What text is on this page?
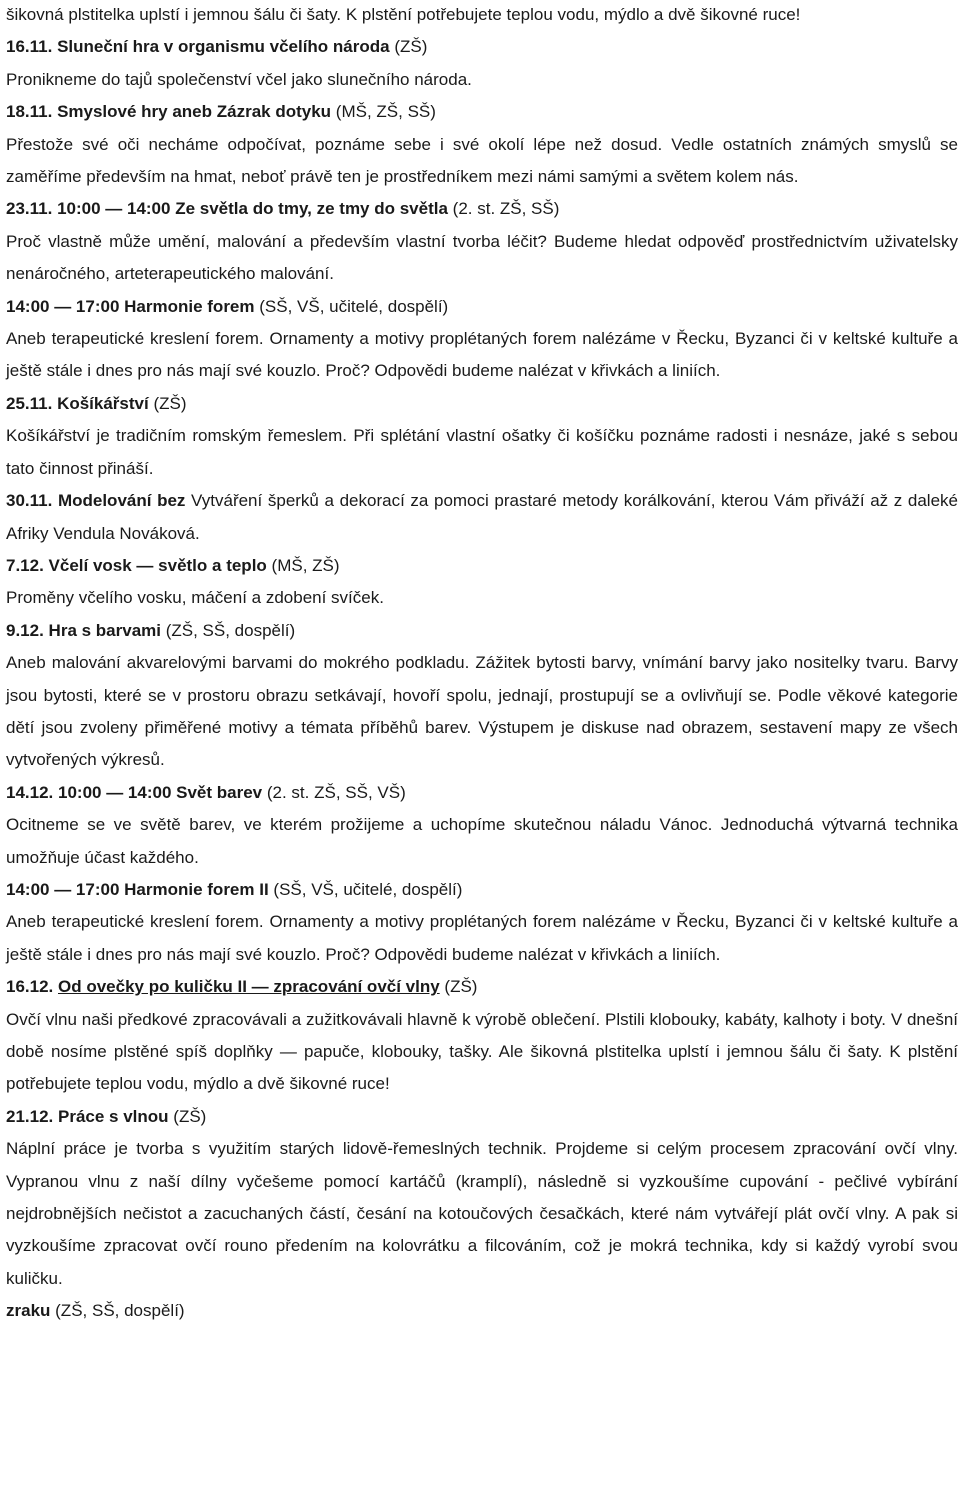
šikovná plstitelka uplstí i jemnou šálu či šaty. K plstění potřebujete teplou vodu, mýdlo a dvě šikovné ruce!
16.11. Sluneční hra v organismu včelího národa (ZŠ)
Pronikneme do tajů společenství včel jako slunečního národa.
18.11. Smyslové hry aneb Zázrak dotyku (MŠ, ZŠ, SŠ)
Přestože své oči necháme odpočívat, poznáme sebe i své okolí lépe než dosud. Vedle ostatních známých smyslů se zaměříme především na hmat, neboť právě ten je prostředníkem mezi námi samými a světem kolem nás.
23.11. 10:00 — 14:00 Ze světla do tmy, ze tmy do světla (2. st. ZŠ, SŠ)
Proč vlastně může umění, malování a především vlastní tvorba léčit? Budeme hledat odpověď prostřednictvím uživatelsky nenáročného, arteterapeutického malování.
14:00 — 17:00 Harmonie forem (SŠ, VŠ, učitelé, dospělí)
Aneb terapeutické kreslení forem. Ornamenty a motivy proplétaných forem nalézáme v Řecku, Byzanci či v keltské kultuře a ještě stále i dnes pro nás mají své kouzlo. Proč? Odpovědi budeme nalézat v křivkách a liniích.
25.11. Košíkářství (ZŠ)
Košíkářství je tradičním romským řemeslem. Při splétání vlastní ošatky či košíčku poznáme radosti i nesnáze, jaké s sebou tato činnost přináší.
30.11. Modelování bez Vytváření šperků a dekorací za pomoci prastaré metody korálkování, kterou Vám přiváží až z daleké Afriky Vendula Nováková.
7.12. Včelí vosk — světlo a teplo (MŠ, ZŠ)
Proměny včelího vosku, máčení a zdobení svíček.
9.12. Hra s barvami (ZŠ, SŠ, dospělí)
Aneb malování akvarelovými barvami do mokrého podkladu. Zážitek bytosti barvy, vnímání barvy jako nositelky tvaru. Barvy jsou bytosti, které se v prostoru obrazu setkávají, hovoří spolu, jednají, prostupují se a ovlivňují se. Podle věkové kategorie dětí jsou zvoleny přiměřené motivy a témata příběhů barev. Výstupem je diskuse nad obrazem, sestavení mapy ze všech vytvořených výkresů.
14.12. 10:00 — 14:00 Svět barev (2. st. ZŠ, SŠ, VŠ)
Ocitneme se ve světě barev, ve kterém prožijeme a uchopíme skutečnou náladu Vánoc. Jednoduchá výtvarná technika umožňuje účast každého.
14:00 — 17:00 Harmonie forem II (SŠ, VŠ, učitelé, dospělí)
Aneb terapeutické kreslení forem. Ornamenty a motivy proplétaných forem nalézáme v Řecku, Byzanci či v keltské kultuře a ještě stále i dnes pro nás mají své kouzlo. Proč? Odpovědi budeme nalézat v křivkách a liniích.
16.12. Od ovečky po kuličku II — zpracování ovčí vlny (ZŠ)
Ovčí vlnu naši předkové zpracovávali a zužitkovávali hlavně k výrobě oblečení. Plstili klobouky, kabáty, kalhoty i boty. V dnešní době nosíme plstěné spíš doplňky — papuče, klobouky, tašky. Ale šikovná plstitelka uplstí i jemnou šálu či šaty. K plstění potřebujete teplou vodu, mýdlo a dvě šikovné ruce!
21.12. Práce s vlnou (ZŠ)
Náplní práce je tvorba s využitím starých lidově-řemeslných technik. Projdeme si celým procesem zpracování ovčí vlny. Vypranou vlnu z naší dílny vyčešeme pomocí kartáčů (kramplí), následně si vyzkoušíme cupování - pečlivé vybírání nejdrobnějších nečistot a zacuchaných částí, česání na kotoučových česačkách, které nám vytvářejí plát ovčí vlny. A pak si vyzkoušíme zpracovat ovčí rouno předením na kolovrátku a filcováním, což je mokrá technika, kdy si každý vyrobí svou kuličku.
zraku (ZŠ, SŠ, dospělí)
